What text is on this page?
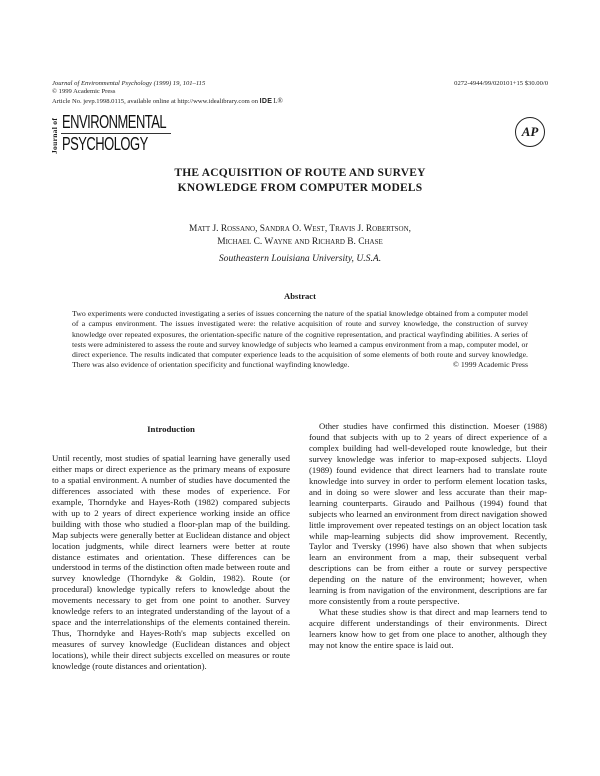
Journal of Environmental Psychology (1999) 19, 101–115
© 1999 Academic Press
Article No. jevp.1998.0115, available online at http://www.idealibrary.com on IDEL®
0272-4944/99/020101+15 $30.00/0
Journal of ENVIRONMENTAL
PSYCHOLOGY
AP
THE ACQUISITION OF ROUTE AND SURVEY
KNOWLEDGE FROM COMPUTER MODELS
Matt J. Rossano, Sandra O. West, Travis J. Robertson,
Michael C. Wayne and Richard B. Chase
Southeastern Louisiana University, U.S.A.
Abstract
Two experiments were conducted investigating a series of issues concerning the nature of the spatial knowledge obtained from a computer model of a campus environment. The issues investigated were: the relative acquisition of route and survey knowledge, the construction of survey knowledge over repeated exposures, the orientation-specific nature of the cognitive representation, and practical wayfinding abilities. A series of tests were administered to assess the route and survey knowledge of subjects who learned a campus environment from a map, computer model, or direct experience. The results indicated that computer experience leads to the acquisition of some elements of both route and survey knowledge. There was also evidence of orientation specificity and functional wayfinding knowledge.	© 1999 Academic Press

Introduction

Until recently, most studies of spatial learning have generally used either maps or direct experience as the primary means of exposure to a spatial environment. A number of studies have documented the differences associated with these modes of experience. For example, Thorndyke and Hayes-Roth (1982) compared subjects with up to 2 years of direct experience working inside an office building with those who studied a floor-plan map of the building. Map subjects were generally better at Euclidean distance and object location judgments, while direct learners were better at route distance estimates and orientation. These differences can be understood in terms of the distinction often made between route and survey knowledge (Thorndyke & Goldin, 1982). Route (or procedural) knowledge typically refers to knowledge about the movements necessary to get from one point to another. Survey knowledge refers to an integrated understanding of the layout of a space and the interrelationships of the elements contained therein. Thus, Thorndyke and Hayes-Roth's map subjects excelled on measures of survey knowledge (Euclidean distances and object locations), while their direct subjects excelled on measures or route knowledge (route distances and orientation).

Other studies have confirmed this distinction. Moeser (1988) found that subjects with up to 2 years of direct experience of a complex building had well-developed route knowledge, but their survey knowledge was inferior to map-exposed subjects. Lloyd (1989) found evidence that direct learners had to translate route knowledge into survey in order to perform element location tasks, and in doing so were slower and less accurate than their map-learning counterparts. Giraudo and Pailhous (1994) found that subjects who learned an environment from direct navigation showed little improvement over repeated testings on an object location task while map-learning subjects did show improvement. Recently, Taylor and Tversky (1996) have also shown that when subjects learn an environment from a map, their subsequent verbal descriptions can be from either a route or survey perspective depending on the nature of the environment; however, when learning is from navigation of the environment, descriptions are far more consistently from a route perspective.

What these studies show is that direct and map learners tend to acquire different understandings of their environments. Direct learners know how to get from one place to another, although they may not know the entire space is laid out.
